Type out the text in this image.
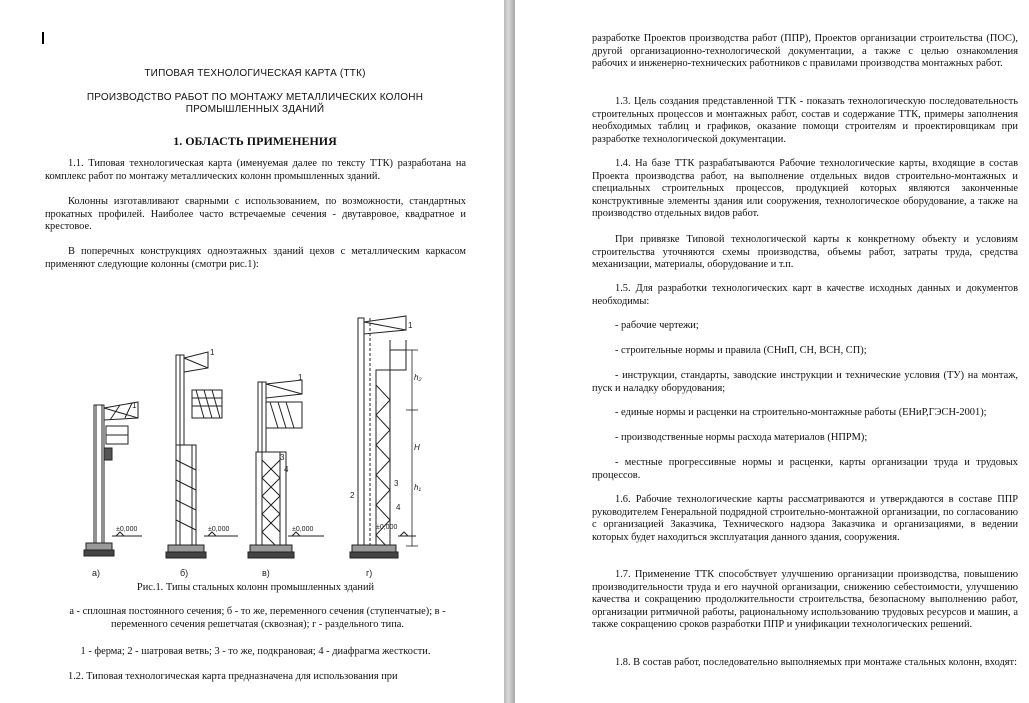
ТИПОВАЯ ТЕХНОЛОГИЧЕСКАЯ КАРТА (ТТК)
ПРОИЗВОДСТВО РАБОТ ПО МОНТАЖУ МЕТАЛЛИЧЕСКИХ КОЛОНН ПРОМЫШЛЕННЫХ ЗДАНИЙ
1. ОБЛАСТЬ ПРИМЕНЕНИЯ

1.1. Типовая технологическая карта (именуемая далее по тексту ТТК) разработана на комплекс работ по монтажу металлических колонн промышленных зданий.

Колонны изготавливают сварными с использованием, по возможности, стандартных прокатных профилей. Наиболее часто встречаемые сечения - двутавровое, квадратное и крестовое.

В поперечных конструкциях одноэтажных зданий цехов с металлическим каркасом применяют следующие колонны (смотри рис.1):

1
1
1
1
3
4
2
3
4
h₂
H
h₁
±0,000	±0,000	±0,000	±0,000
а)	б)	в)	г)

Рис.1. Типы стальных колонн промышленных зданий

а - сплошная постоянного сечения; б - то же, переменного сечения (ступенчатые); в - переменного сечения решетчатая (сквозная); г - раздельного типа.

1 - ферма; 2 - шатровая ветвь; 3 - то же, подкрановая; 4 - диафрагма жесткости.

1.2. Типовая технологическая карта предназначена для использования при

разработке Проектов производства работ (ППР), Проектов организации строительства (ПОС), другой организационно-технологической документации, а также с целью ознакомления рабочих и инженерно-технических работников с правилами производства монтажных работ.

1.3. Цель создания представленной ТТК - показать технологическую последовательность строительных процессов и монтажных работ, состав и содержание ТТК, примеры заполнения необходимых таблиц и графиков, оказание помощи строителям и проектировщикам при разработке технологической документации.

1.4. На базе ТТК разрабатываются Рабочие технологические карты, входящие в состав Проекта производства работ, на выполнение отдельных видов строительно-монтажных и специальных строительных процессов, продукцией которых являются законченные конструктивные элементы здания или сооружения, технологическое оборудование, а также на производство отдельных видов работ.

При привязке Типовой технологической карты к конкретному объекту и условиям строительства уточняются схемы производства, объемы работ, затраты труда, средства механизации, материалы, оборудование и т.п.

1.5. Для разработки технологических карт в качестве исходных данных и документов необходимы:

- рабочие чертежи;

- строительные нормы и правила (СНиП, СН, ВСН, СП);

- инструкции, стандарты, заводские инструкции и технические условия (ТУ) на монтаж, пуск и наладку оборудования;

- единые нормы и расценки на строительно-монтажные работы (ЕНиР,ГЭСН-2001);

- производственные нормы расхода материалов (НПРМ);

- местные прогрессивные нормы и расценки, карты организации труда и трудовых процессов.

1.6. Рабочие технологические карты рассматриваются и утверждаются в составе ППР руководителем Генеральной подрядной строительно-монтажной организации, по согласованию с организацией Заказчика, Технического надзора Заказчика и организациями, в ведении которых будет находиться эксплуатация данного здания, сооружения.

1.7. Применение ТТК способствует улучшению организации производства, повышению производительности труда и его научной организации, снижению себестоимости, улучшению качества и сокращению продолжительности строительства, безопасному выполнению работ, организации ритмичной работы, рациональному использованию трудовых ресурсов и машин, а также сокращению сроков разработки ППР и унификации технологических решений.

1.8. В состав работ, последовательно выполняемых при монтаже стальных колонн, входят:
